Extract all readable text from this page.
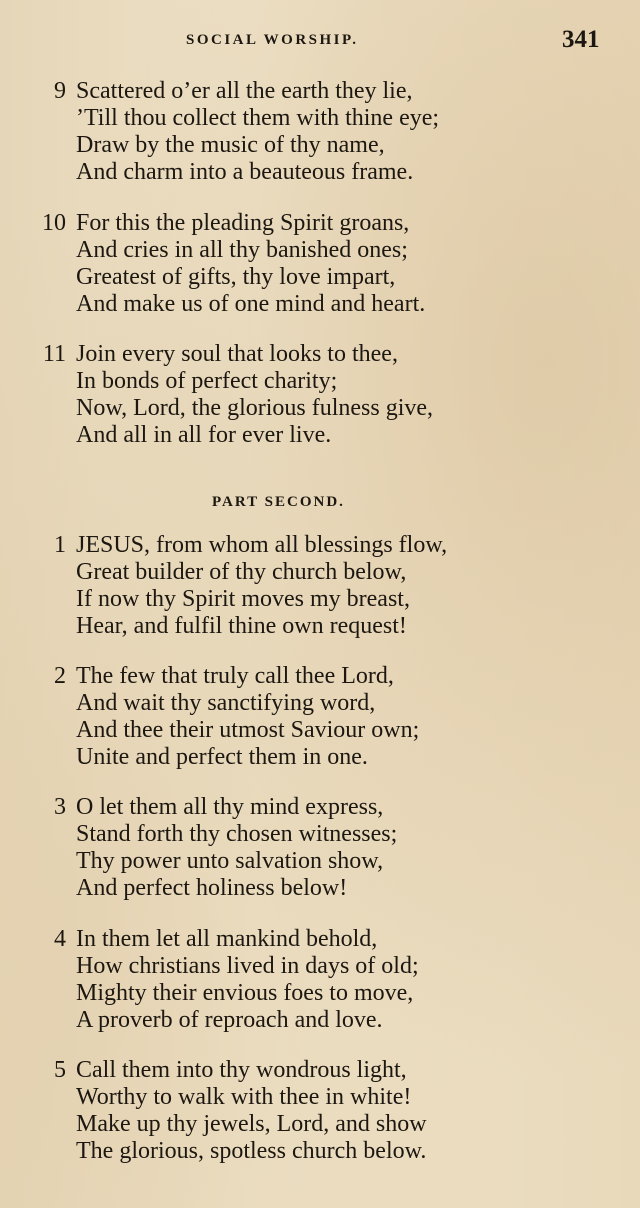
SOCIAL WORSHIP.	341
9 Scattered o’er all the earth they lie,
’Till thou collect them with thine eye;
Draw by the music of thy name,
And charm into a beauteous frame.
10 For this the pleading Spirit groans,
And cries in all thy banished ones;
Greatest of gifts, thy love impart,
And make us of one mind and heart.
11 Join every soul that looks to thee,
In bonds of perfect charity;
Now, Lord, the glorious fulness give,
And all in all for ever live.
PART SECOND.
1 JESUS, from whom all blessings flow,
Great builder of thy church below,
If now thy Spirit moves my breast,
Hear, and fulfil thine own request!
2 The few that truly call thee Lord,
And wait thy sanctifying word,
And thee their utmost Saviour own;
Unite and perfect them in one.
3 O let them all thy mind express,
Stand forth thy chosen witnesses;
Thy power unto salvation show,
And perfect holiness below!
4 In them let all mankind behold,
How christians lived in days of old;
Mighty their envious foes to move,
A proverb of reproach and love.
5 Call them into thy wondrous light,
Worthy to walk with thee in white!
Make up thy jewels, Lord, and show
The glorious, spotless church below.
